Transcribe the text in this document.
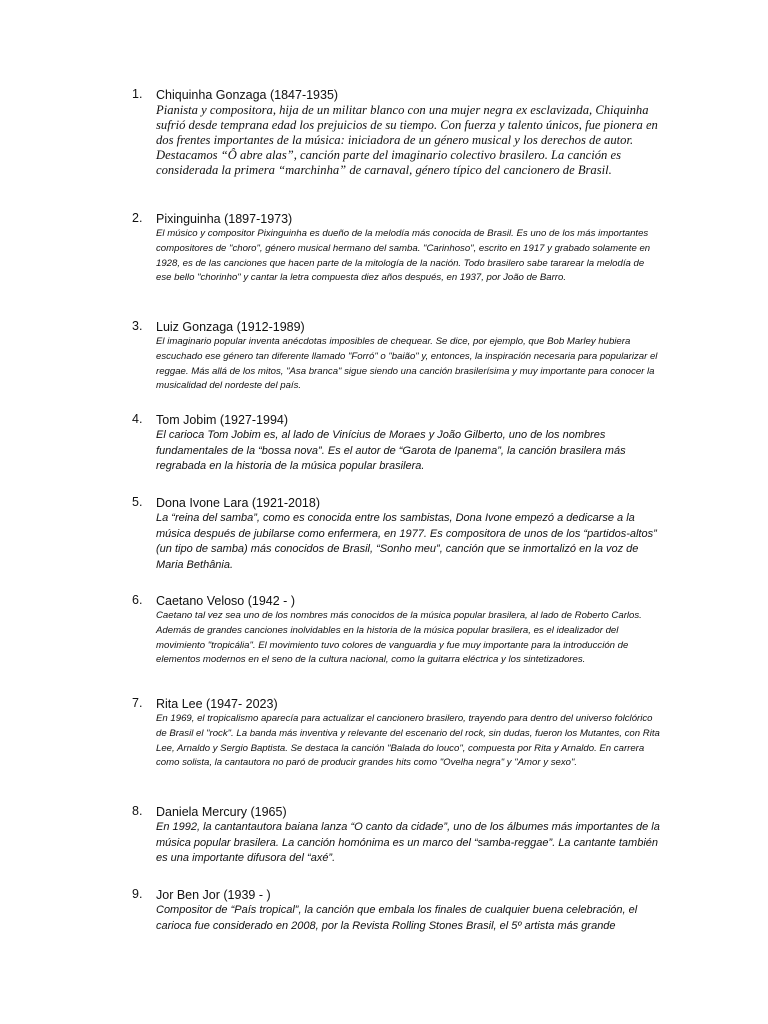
1.	Chiquinha Gonzaga (1847-1935)
Pianista y compositora, hija de un militar blanco con una mujer negra ex esclavizada, Chiquinha sufrió desde temprana edad los prejuicios de su tiempo. Con fuerza y talento únicos, fue pionera en dos frentes importantes de la música: iniciadora de un género musical y los derechos de autor. Destacamos “Ô abre alas”, canción parte del imaginario colectivo brasilero. La canción es considerada la primera “marchinha” de carnaval, género típico del cancionero de Brasil.
2.	Pixinguinha (1897-1973)
El músico y compositor Pixinguinha es dueño de la melodía más conocida de Brasil. Es uno de los más importantes compositores de "choro", género musical hermano del samba. "Carinhoso", escrito en 1917 y grabado solamente en 1928, es de las canciones que hacen parte de la mitología de la nación. Todo brasilero sabe tararear la melodía de ese bello "chorinho" y cantar la letra compuesta diez años después, en 1937, por João de Barro.
3.	Luiz Gonzaga (1912-1989)
El imaginario popular inventa anécdotas imposibles de chequear. Se dice, por ejemplo, que Bob Marley hubiera escuchado ese género tan diferente llamado "Forró" o "baião" y, entonces, la inspiración necesaria para popularizar el reggae. Más allá de los mitos, "Asa branca" sigue siendo una canción brasilerísima y muy importante para conocer la musicalidad del nordeste del país.
4.	Tom Jobim (1927-1994)
El carioca Tom Jobim es, al lado de Vinícius de Moraes y João Gilberto, uno de los nombres fundamentales de la “bossa nova”. Es el autor de “Garota de Ipanema”, la canción brasilera más regrabada en la historia de la música popular brasilera.
5.	Dona Ivone Lara (1921-2018)
La “reina del samba”, como es conocida entre los sambistas, Dona Ivone empezó a dedicarse a la música después de jubilarse como enfermera, en 1977. Es compositora de unos de los “partidos-altos” (un tipo de samba) más conocidos de Brasil, “Sonho meu”, canción que se inmortalizó en la voz de Maria Bethânia.
6.	Caetano Veloso (1942 - )
Caetano tal vez sea uno de los nombres más conocidos de la música popular brasilera, al lado de Roberto Carlos. Además de grandes canciones inolvidables en la historia de la música popular brasilera, es el idealizador del movimiento "tropicália". El movimiento tuvo colores de vanguardia y fue muy importante para la introducción de elementos modernos en el seno de la cultura nacional, como la guitarra eléctrica y los sintetizadores.
7.	Rita Lee (1947- 2023)
En 1969, el tropicalismo aparecía para actualizar el cancionero brasilero, trayendo para dentro del universo folclórico de Brasil el "rock". La banda más inventiva y relevante del escenario del rock, sin dudas, fueron los Mutantes, con Rita Lee, Arnaldo y Sergio Baptista. Se destaca la canción "Balada do louco", compuesta por Rita y Arnaldo. En carrera como solista, la cantautora no paró de producir grandes hits como "Ovelha negra" y "Amor y sexo".
8.	Daniela Mercury (1965)
En 1992, la cantantautora baiana lanza “O canto da cidade”, uno de los álbumes más importantes de la música popular brasilera. La canción homónima es un marco del “samba-reggae”. La cantante también es una importante difusora del “axé”.
9.	Jor Ben Jor (1939 - )
Compositor de “País tropical”, la canción que embala los finales de cualquier buena celebración, el carioca fue considerado en 2008, por la Revista Rolling Stones Brasil, el 5º artista más grande
